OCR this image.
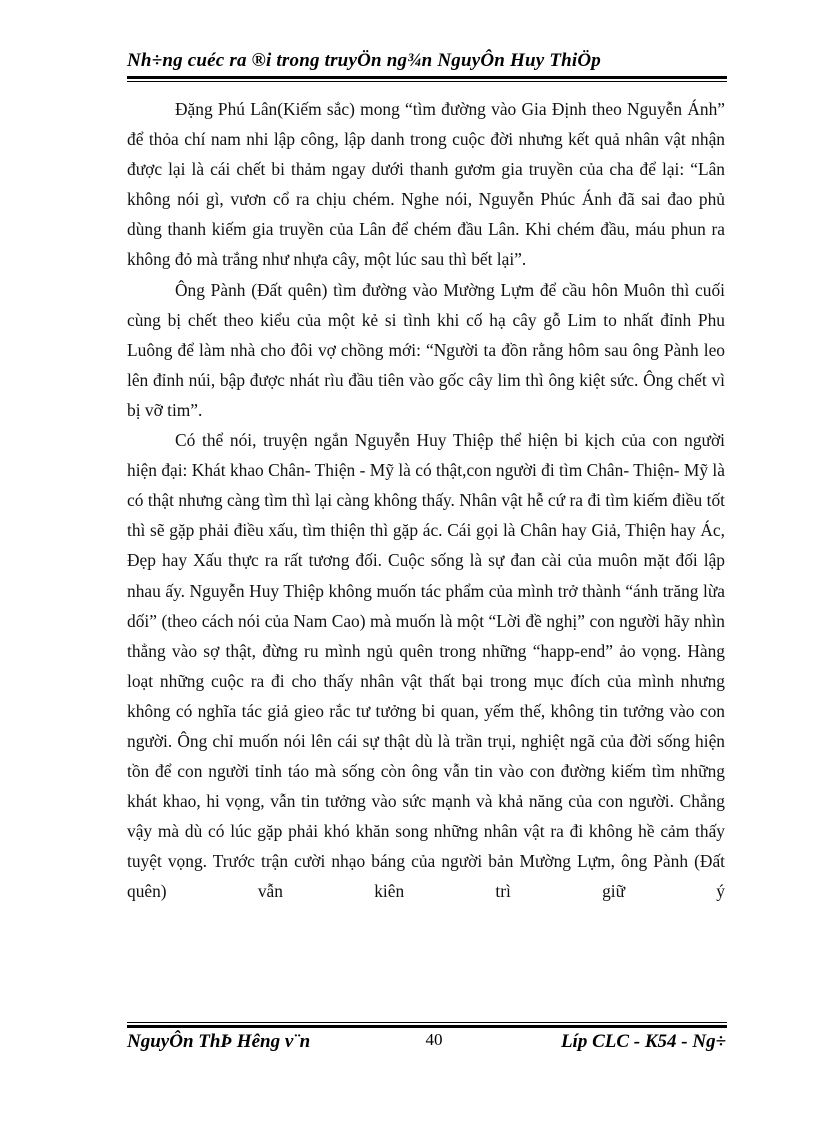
Nh÷ng cuéc ra ®i trong truyÖn ng¾n NguyÔn Huy ThiÖp

Đặng Phú Lân(Kiếm sắc) mong “tìm đường vào Gia Định theo Nguyễn Ánh” để thỏa chí nam nhi lập công, lập danh trong cuộc đời nhưng kết quả nhân vật nhận được lại là cái chết bi thảm ngay dưới thanh gươm gia truyền của cha để lại: “Lân không nói gì, vươn cổ ra chịu chém. Nghe nói, Nguyễn Phúc Ánh đã sai đao phủ dùng thanh kiếm gia truyền của Lân để chém đầu Lân. Khi chém đầu, máu phun ra không đỏ mà trắng như nhựa cây, một lúc sau thì bết lại”.

Ông Pành (Đất quên) tìm đường vào Mường Lựm để cầu hôn Muôn thì cuối cùng bị chết theo kiểu của một kẻ si tình khi cố hạ cây gỗ Lim to nhất đỉnh Phu Luông để làm nhà cho đôi vợ chồng mới: “Người ta đồn rằng hôm sau ông Pành leo lên đỉnh núi, bập được nhát rìu đầu tiên vào gốc cây lim thì ông kiệt sức. Ông chết vì bị vỡ tim”.

Có thể nói, truyện ngắn Nguyễn Huy Thiệp thể hiện bi kịch của con người hiện đại: Khát khao Chân- Thiện - Mỹ là có thật,con người đi tìm Chân- Thiện- Mỹ là có thật nhưng càng tìm thì lại càng không thấy. Nhân vật hễ cứ ra đi tìm kiếm điều tốt thì sẽ gặp phải điều xấu, tìm thiện thì gặp ác. Cái gọi là Chân hay Giả, Thiện hay Ác, Đẹp hay Xấu thực ra rất tương đối. Cuộc sống là sự đan cài của muôn mặt đối lập nhau ấy. Nguyễn Huy Thiệp không muốn tác phẩm của mình trở thành “ánh trăng lừa dối” (theo cách nói của Nam Cao) mà muốn là một “Lời đề nghị” con người hãy nhìn thẳng vào sợ thật, đừng ru mình ngủ quên trong những “happ-end” ảo vọng. Hàng loạt những cuộc ra đi cho thấy nhân vật thất bại trong mục đích của mình nhưng không có nghĩa tác giả gieo rắc tư tưởng bi quan, yếm thế, không tin tưởng vào con người. Ông chỉ muốn nói lên cái sự thật dù là trần trụi, nghiệt ngã của đời sống hiện tồn để con người tỉnh táo mà sống còn ông vẫn tin vào con đường kiếm tìm những khát khao, hi vọng, vẫn tin tưởng vào sức mạnh và khả năng của con người. Chẳng vậy mà dù có lúc gặp phải khó khăn song những nhân vật ra đi không hề cảm thấy tuyệt vọng. Trước trận cười nhạo báng của người bản Mường Lựm, ông Pành (Đất quên) vẫn kiên trì giữ ý

NguyÔn ThÞ Hêng v¨n	40	Líp CLC - K54 - Ng÷
